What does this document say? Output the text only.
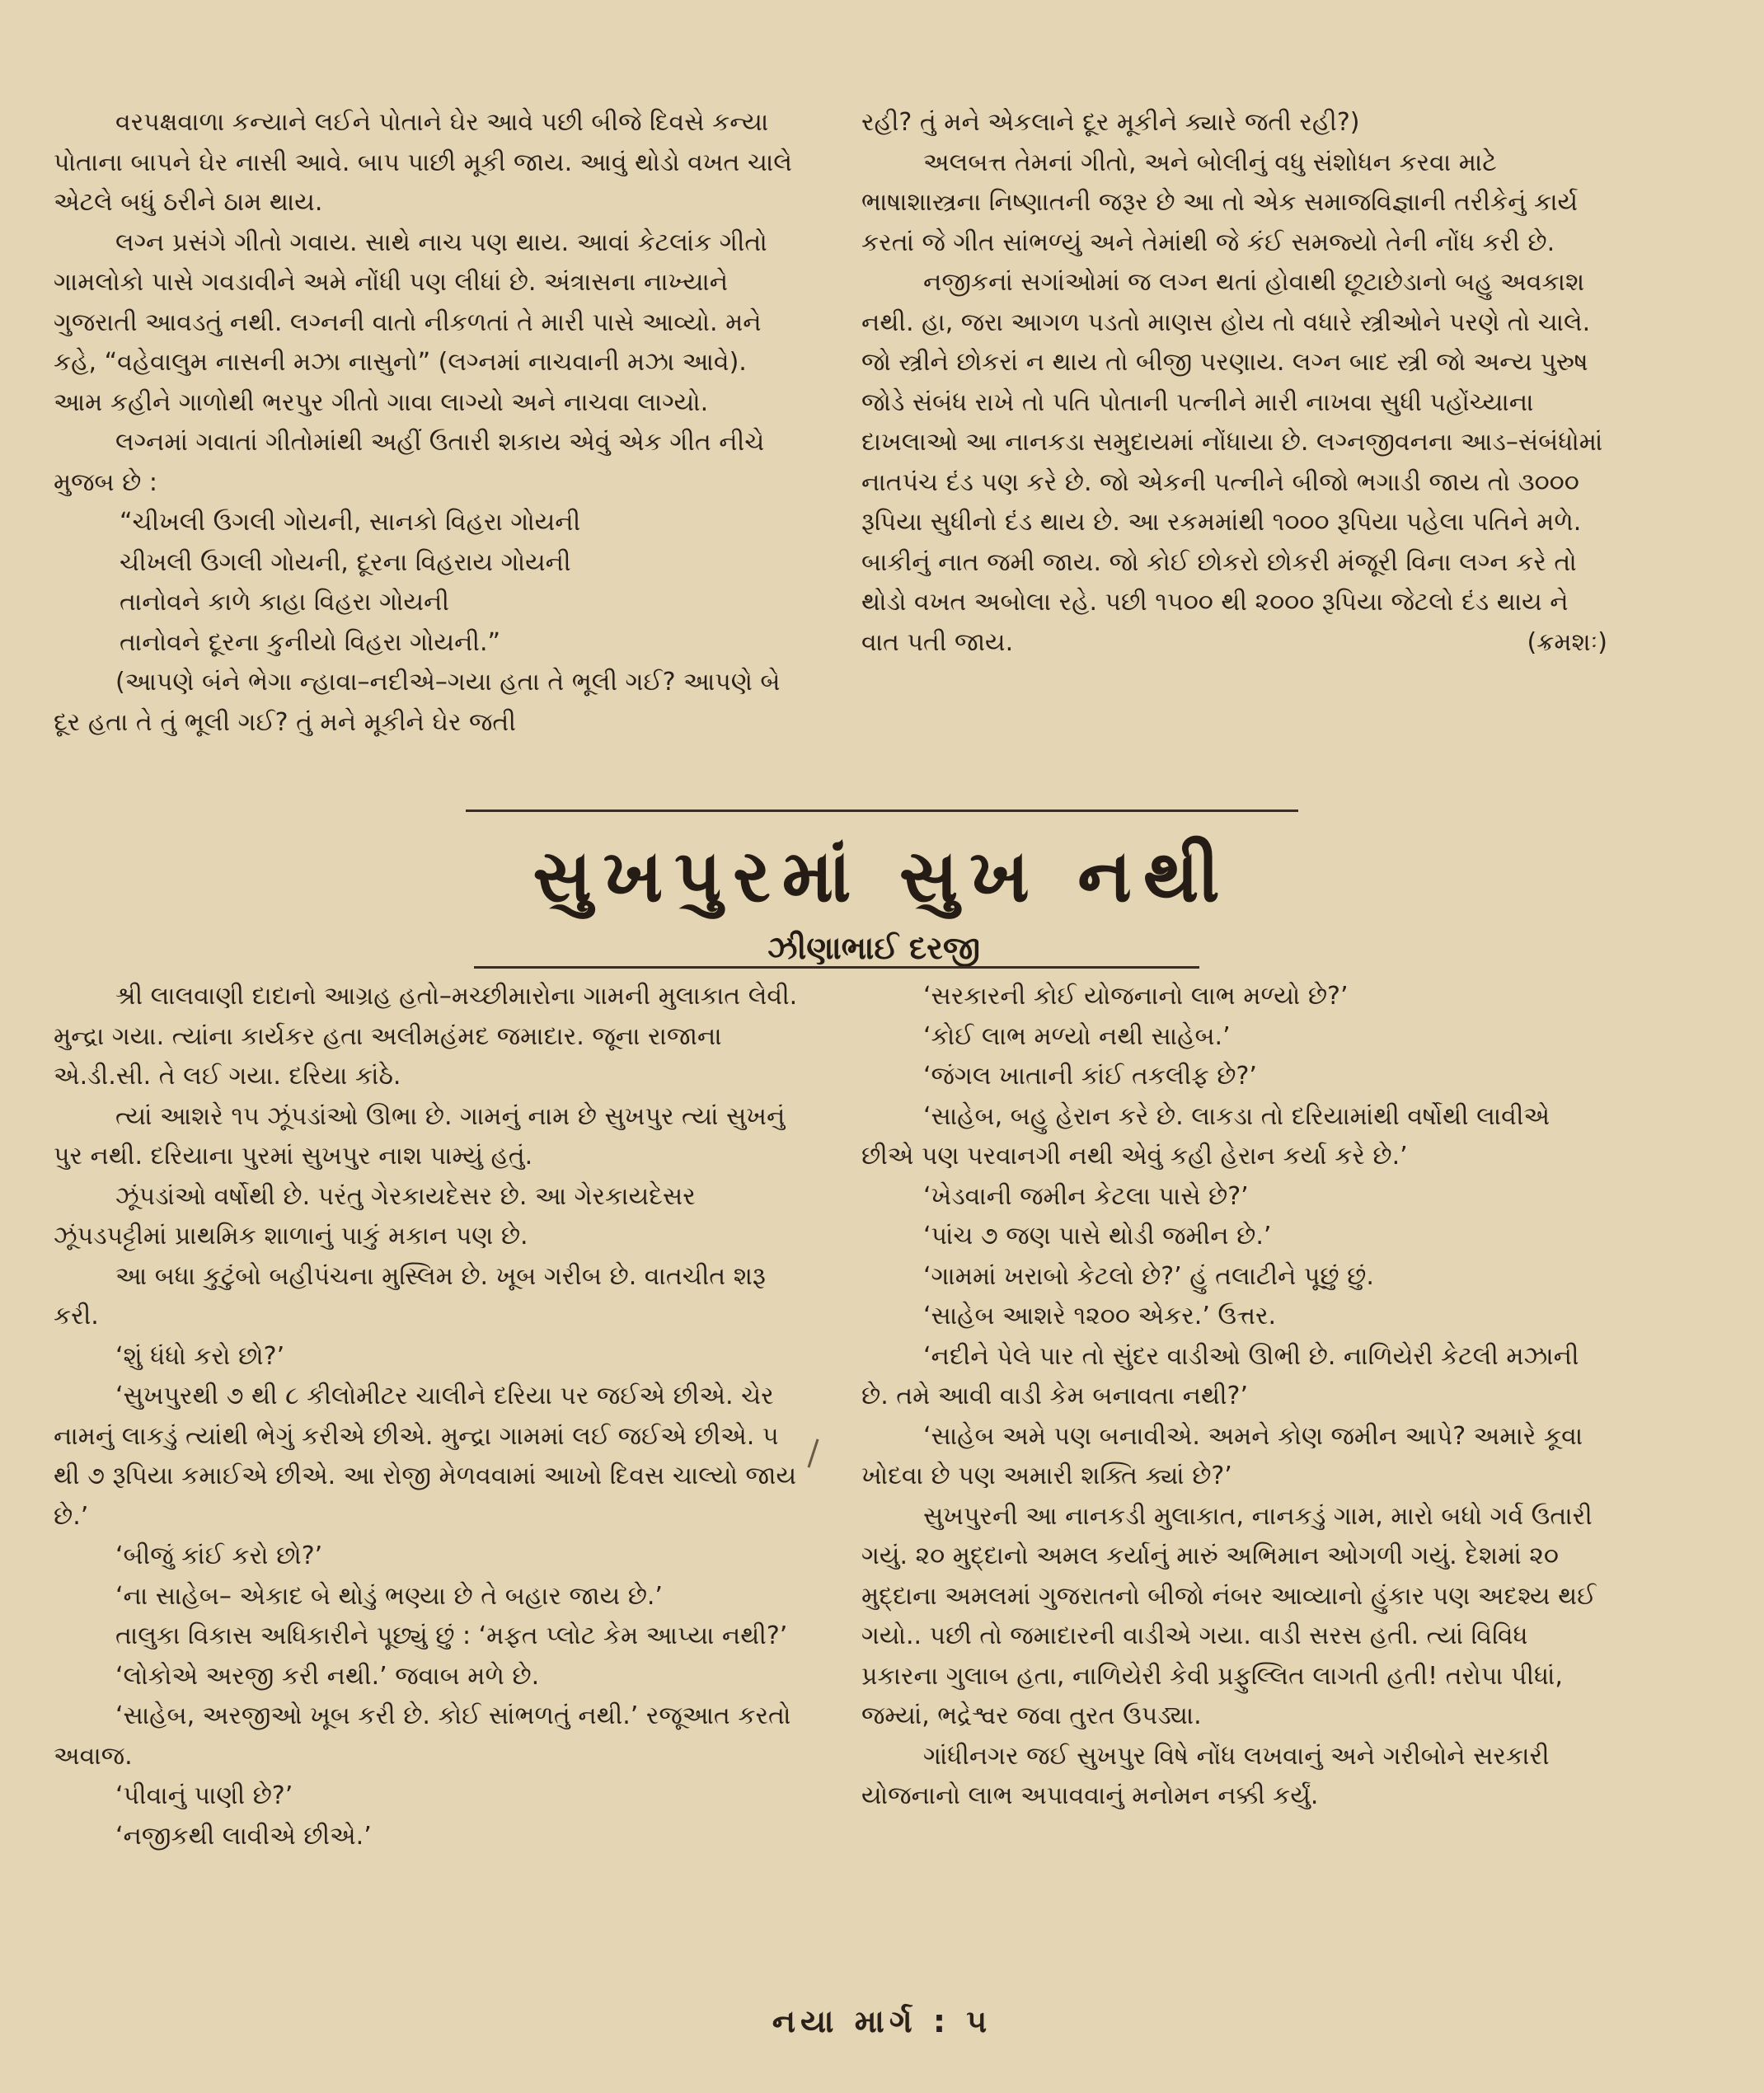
વરપક્ષવાળા કન્યાને લઈને પોતાને ઘેર આવે પછી બીજે દિવસે કન્યા પોતાના બાપને ઘેર નાસી આવે. બાપ પાછી મૂકી જાય. આવું થોડો વખત ચાલે એટલે બધું ઠરીને ઠામ થાય.

લગ્ન પ્રસંગે ગીતો ગવાય. સાથે નાચ પણ થાય. આવાં કેટલાંક ગીતો ગામલોકો પાસે ગવડાવીને અમે નોંધી પણ લીધાં છે. અંત્રાસના નાખ્યાને ગુજરાતી આવડતું નથી. લગ્નની વાતો નીકળતાં તે મારી પાસે આવ્યો. મને કહે, “વહેવાલુમ નાસની મઝા નાસુનો” (લગ્નમાં નાચવાની મઝા આવે). આમ કહીને ગાળોથી ભરપુર ગીતો ગાવા લાગ્યો અને નાચવા લાગ્યો.

લગ્નમાં ગવાતાં ગીતોમાંથી અહીં ઉતારી શકાય એવું એક ગીત નીચે મુજબ છે :

“ચીખલી ઉગલી ગોયની, સાનકો વિહરા ગોયની

ચીખલી ઉગલી ગોયની, દૂરના વિહરાય ગોયની

તાનોવને કાળે કાહા વિહરા ગોયની

તાનોવને દૂરના કુનીયો વિહરા ગોયની.”

(આપણે બંને ભેગા ન્હાવા–નદીએ–ગયા હતા તે ભૂલી ગઈ? આપણે બે દૂર હતા તે તું ભૂલી ગઈ? તું મને મૂકીને ઘેર જતી

રહી? તું મને એકલાને દૂર મૂકીને ક્યારે જતી રહી?)

અલબત્ત તેમનાં ગીતો, અને બોલીનું વધુ સંશોધન કરવા માટે ભાષાશાસ્ત્રના નિષ્ણાતની જરૂર છે આ તો એક સમાજવિજ્ઞાની તરીકેનું કાર્ય કરતાં જે ગીત સાંભળ્યું અને તેમાંથી જે કંઈ સમજ્યો તેની નોંધ કરી છે.

નજીકનાં સગાંઓમાં જ લગ્ન થતાં હોવાથી છૂટાછેડાનો બહુ અવકાશ નથી. હા, જરા આગળ પડતો માણસ હોય તો વધારે સ્ત્રીઓને પરણે તો ચાલે. જો સ્ત્રીને છોકરાં ન થાય તો બીજી પરણાય. લગ્ન બાદ સ્ત્રી જો અન્ય પુરુષ જોડે સંબંધ રાખે તો પતિ પોતાની પત્નીને મારી નાખવા સુધી પહોંચ્યાના દાખલાઓ આ નાનકડા સમુદાયમાં નોંધાયા છે. લગ્નજીવનના આડ–સંબંધોમાં નાતપંચ દંડ પણ કરે છે. જો એકની પત્નીને બીજો ભગાડી જાય તો ૩૦૦૦ રૂપિયા સુધીનો દંડ થાય છે. આ રકમમાંથી ૧૦૦૦ રૂપિયા પહેલા પતિને મળે. બાકીનું નાત જમી જાય. જો કોઈ છોકરો છોકરી મંજૂરી વિના લગ્ન કરે તો થોડો વખત અબોલા રહે. પછી ૧૫૦૦ થી ૨૦૦૦ રૂપિયા જેટલો દંડ થાય ને વાત પતી જાય.	(ક્રમશઃ)

સુખપુરમાં સુખ નથી
ઝીણાભાઈ દરજી

શ્રી લાલવાણી દાદાનો આગ્રહ હતો–મચ્છીમારોના ગામની મુલાકાત લેવી. મુન્દ્રા ગયા. ત્યાંના કાર્યકર હતા અલીમહંમદ જમાદાર. જૂના રાજાના એ.ડી.સી. તે લઈ ગયા. દરિયા કાંઠે.

ત્યાં આશરે ૧૫ ઝૂંપડાંઓ ઊભા છે. ગામનું નામ છે સુખપુર ત્યાં સુખનું પુર નથી. દરિયાના પુરમાં સુખપુર નાશ પામ્યું હતું.

ઝૂંપડાંઓ વર્ષોથી છે. પરંતુ ગેરકાયદેસર છે. આ ગેરકાયદેસર ઝૂંપડપટ્ટીમાં પ્રાથમિક શાળાનું પાકું મકાન પણ છે.

આ બધા કુટુંબો બહીપંચના મુસ્લિમ છે. ખૂબ ગરીબ છે. વાતચીત શરૂ કરી.

‘શું ધંધો કરો છો?’

‘સુખપુરથી ૭ થી ૮ કીલોમીટર ચાલીને દરિયા પર જઈએ છીએ. ચેર નામનું લાકડું ત્યાંથી ભેગું કરીએ છીએ. મુન્દ્રા ગામમાં લઈ જઈએ છીએ. ૫ થી ૭ રૂપિયા કમાઈએ છીએ. આ રોજી મેળવવામાં આખો દિવસ ચાલ્યો જાય છે.’

‘બીજું કાંઈ કરો છો?’

‘ના સાહેબ– એકાદ બે થોડું ભણ્યા છે તે બહાર જાય છે.’

તાલુકા વિકાસ અધિકારીને પૂછ્યું છું : ‘મફત પ્લોટ કેમ આપ્યા નથી?’

‘લોકોએ અરજી કરી નથી.’ જવાબ મળે છે.

‘સાહેબ, અરજીઓ ખૂબ કરી છે. કોઈ સાંભળતું નથી.’ રજૂઆત કરતો અવાજ.

‘પીવાનું પાણી છે?’

‘નજીકથી લાવીએ છીએ.’

‘સરકારની કોઈ યોજનાનો લાભ મળ્યો છે?’

‘કોઈ લાભ મળ્યો નથી સાહેબ.’

‘જંગલ ખાતાની કાંઈ તકલીફ છે?’

‘સાહેબ, બહુ હેરાન કરે છે. લાકડા તો દરિયામાંથી વર્ષોથી લાવીએ છીએ પણ પરવાનગી નથી એવું કહી હેરાન કર્યા કરે છે.’

‘ખેડવાની જમીન કેટલા પાસે છે?’

‘પાંચ ૭ જણ પાસે થોડી જમીન છે.’

‘ગામમાં ખરાબો કેટલો છે?’ હું તલાટીને પૂછું છું.

‘સાહેબ આશરે ૧૨૦૦ એકર.’ ઉત્તર.

‘નદીને પેલે પાર તો સુંદર વાડીઓ ઊભી છે. નાળિયેરી કેટલી મઝાની છે. તમે આવી વાડી કેમ બનાવતા નથી?’

‘સાહેબ અમે પણ બનાવીએ. અમને કોણ જમીન આપે? અમારે કૂવા ખોદવા છે પણ અમારી શક્તિ ક્યાં છે?’

સુખપુરની આ નાનકડી મુલાકાત, નાનકડું ગામ, મારો બધો ગર્વ ઉતારી ગયું. ૨૦ મુદ્દાનો અમલ કર્યાનું મારું અભિમાન ઓગળી ગયું. દેશમાં ૨૦ મુદ્દાના અમલમાં ગુજરાતનો બીજો નંબર આવ્યાનો હુંકાર પણ અદશ્ય થઈ ગયો.. પછી તો જમાદારની વાડીએ ગયા. વાડી સરસ હતી. ત્યાં વિવિધ પ્રકારના ગુલાબ હતા, નાળિયેરી કેવી પ્રફુલ્લિત લાગતી હતી! તરોપા પીધાં, જમ્યાં, ભદ્રેશ્વર જવા તુરત ઉપડ્યા.

ગાંધીનગર જઈ સુખપુર વિષે નોંધ લખવાનું અને ગરીબોને સરકારી યોજનાનો લાભ અપાવવાનું મનોમન નક્કી કર્યું.

નયા માર્ગ : ૫
